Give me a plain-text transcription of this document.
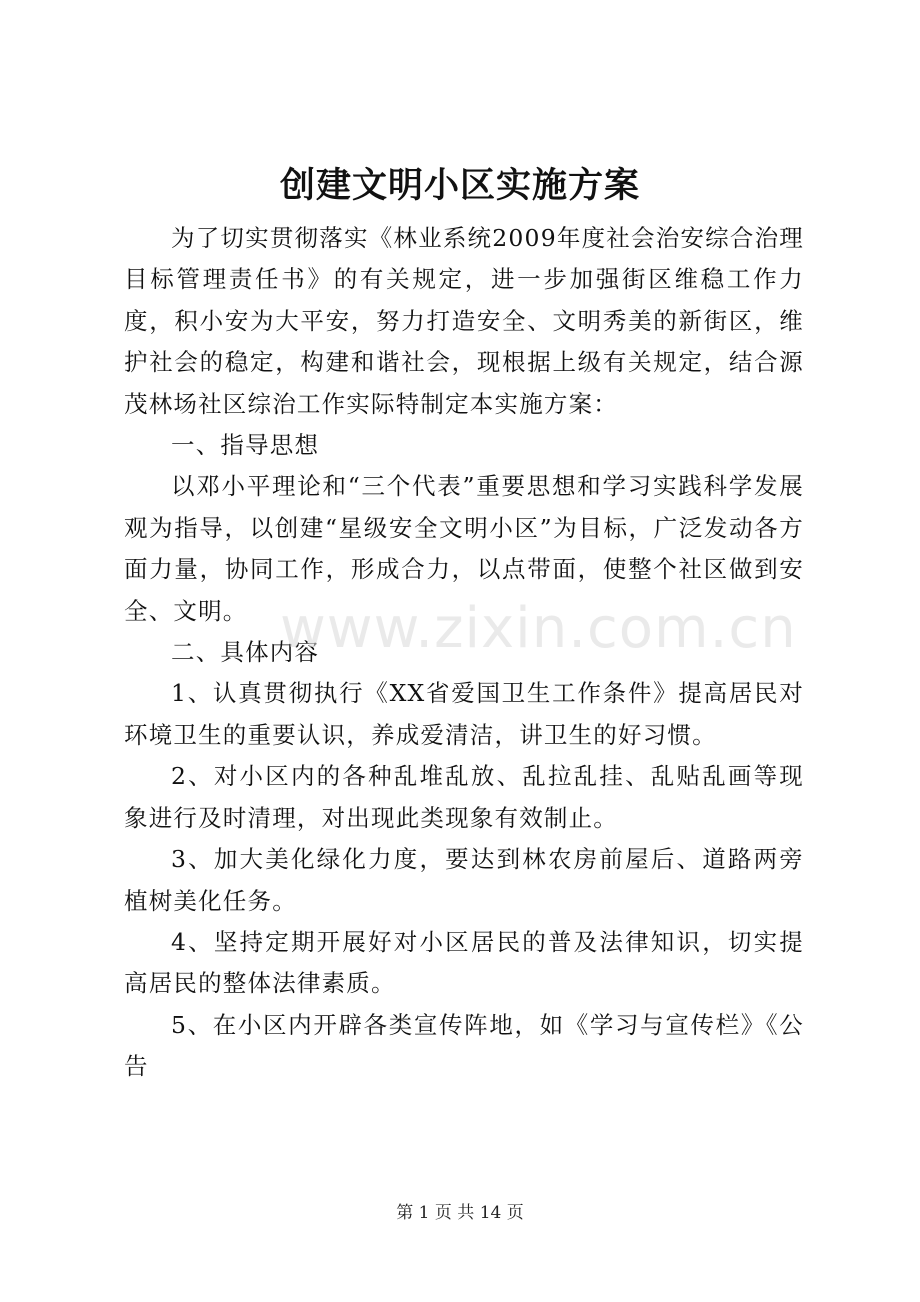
创建文明小区实施方案

为了切实贯彻落实《林业系统2009年度社会治安综合治理目标管理责任书》的有关规定，进一步加强街区维稳工作力度，积小安为大平安，努力打造安全、文明秀美的新街区，维护社会的稳定，构建和谐社会，现根据上级有关规定，结合源茂林场社区综治工作实际特制定本实施方案：

一、指导思想

以邓小平理论和“三个代表”重要思想和学习实践科学发展观为指导，以创建“星级安全文明小区”为目标，广泛发动各方面力量，协同工作，形成合力，以点带面，使整个社区做到安全、文明。

二、具体内容

1、认真贯彻执行《XX省爱国卫生工作条件》提高居民对环境卫生的重要认识，养成爱清洁，讲卫生的好习惯。

2、对小区内的各种乱堆乱放、乱拉乱挂、乱贴乱画等现象进行及时清理，对出现此类现象有效制止。

3、加大美化绿化力度，要达到林农房前屋后、道路两旁植树美化任务。

4、坚持定期开展好对小区居民的普及法律知识，切实提高居民的整体法律素质。

5、在小区内开辟各类宣传阵地，如《学习与宣传栏》《公告

www.zixin.com.cn
第 1 页 共 14 页
